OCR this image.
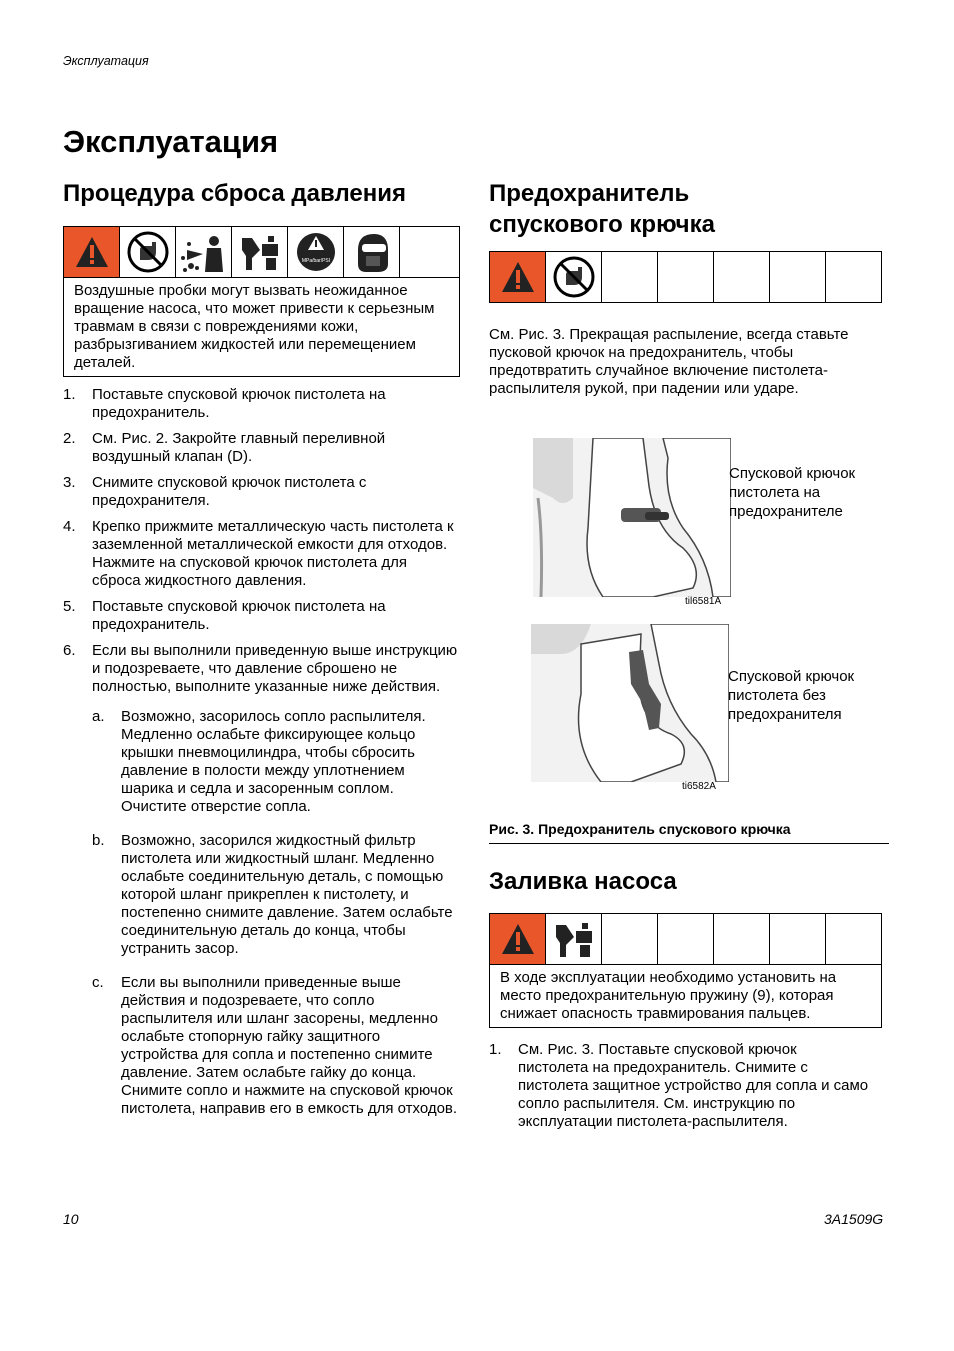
Эксплуатация
Эксплуатация
Процедура сброса давления
MPa/bar/PSI
Воздушные пробки могут вызвать неожиданное вращение насоса, что может привести к серьезным травмам в связи с повреждениями кожи, разбрызгиванием жидкостей или перемещением деталей.
1. Поставьте спусковой крючок пистолета на предохранитель.
2. См. Рис. 2. Закройте главный переливной воздушный клапан (D).
3. Снимите спусковой крючок пистолета с предохранителя.
4. Крепко прижмите металлическую часть пистолета к заземленной металлической емкости для отходов. Нажмите на спусковой крючок пистолета для сброса жидкостного давления.
5. Поставьте спусковой крючок пистолета на предохранитель.
6. Если вы выполнили приведенную выше инструкцию и подозреваете, что давление сброшено не полностью, выполните указанные ниже действия.
a. Возможно, засорилось сопло распылителя. Медленно ослабьте фиксирующее кольцо крышки пневмоцилиндра, чтобы сбросить давление в полости между уплотнением шарика и седла и засоренным соплом. Очистите отверстие сопла.
b. Возможно, засорился жидкостный фильтр пистолета или жидкостный шланг. Медленно ослабьте соединительную деталь, с помощью которой шланг прикреплен к пистолету, и постепенно снимите давление. Затем ослабьте соединительную деталь до конца, чтобы устранить засор.
c. Если вы выполнили приведенные выше действия и подозреваете, что сопло распылителя или шланг засорены, медленно ослабьте стопорную гайку защитного устройства для сопла и постепенно снимите давление. Затем ослабьте гайку до конца. Снимите сопло и нажмите на спусковой крючок пистолета, направив его в емкость для отходов.
Предохранитель спускового крючка
См. Рис. 3. Прекращая распыление, всегда ставьте пусковой крючок на предохранитель, чтобы предотвратить случайное включение пистолета-распылителя рукой, при падении или ударе.
Спусковой крючок пистолета на предохранителе
til6581A
Спусковой крючок пистолета без предохранителя
ti6582A
Рис. 3. Предохранитель спускового крючка
Заливка насоса
В ходе эксплуатации необходимо установить на место предохранительную пружину (9), которая снижает опасность травмирования пальцев.
1. См. Рис. 3. Поставьте спусковой крючок пистолета на предохранитель. Снимите с пистолета защитное устройство для сопла и само сопло распылителя. См. инструкцию по эксплуатации пистолета-распылителя.
10	3A1509G
